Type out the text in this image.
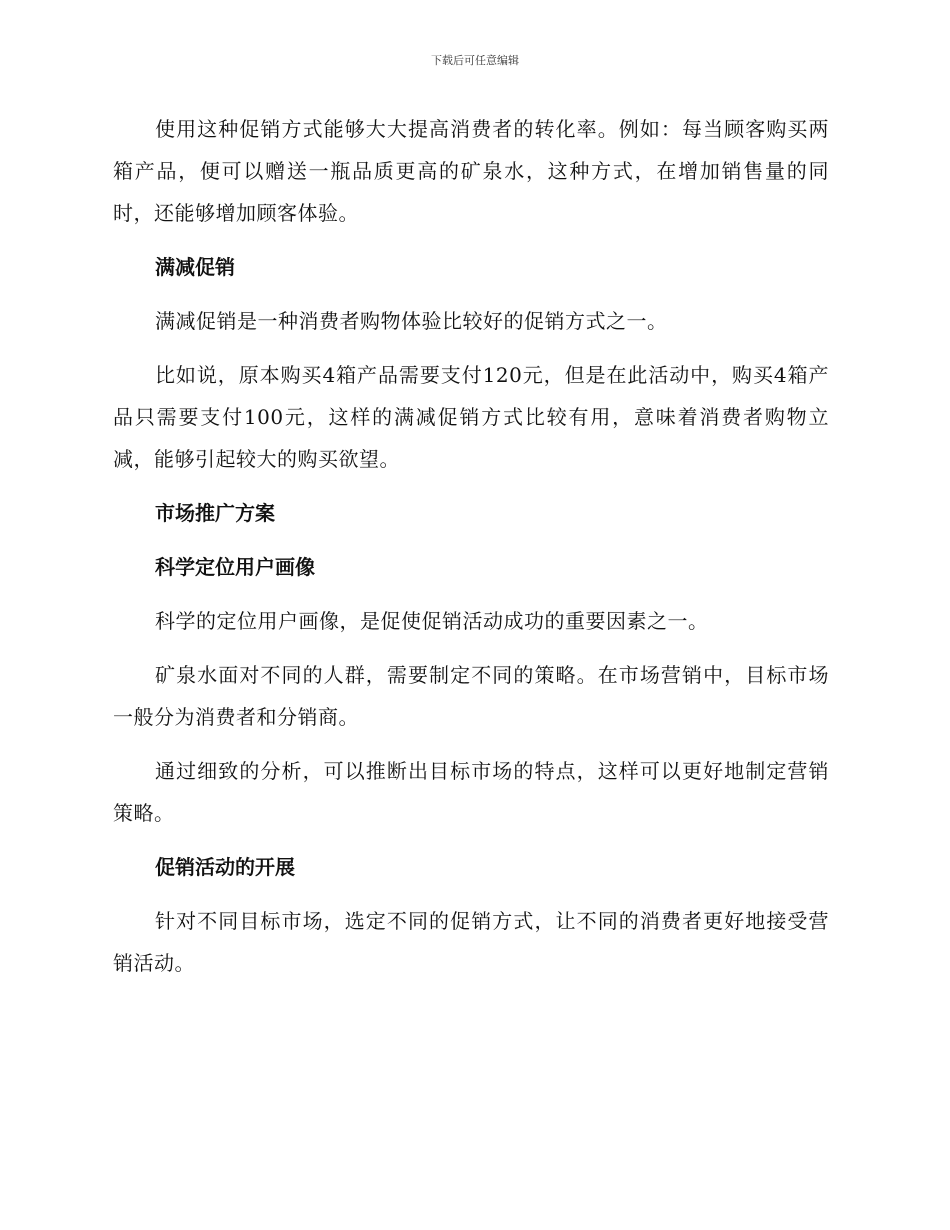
下载后可任意编辑

使用这种促销方式能够大大提高消费者的转化率。例如：每当顾客购买两箱产品，便可以赠送一瓶品质更高的矿泉水，这种方式，在增加销售量的同时，还能够增加顾客体验。

满减促销

满减促销是一种消费者购物体验比较好的促销方式之一。

比如说，原本购买4箱产品需要支付120元，但是在此活动中，购买4箱产品只需要支付100元，这样的满减促销方式比较有用，意味着消费者购物立减，能够引起较大的购买欲望。

市场推广方案
科学定位用户画像

科学的定位用户画像，是促使促销活动成功的重要因素之一。

矿泉水面对不同的人群，需要制定不同的策略。在市场营销中，目标市场一般分为消费者和分销商。

通过细致的分析，可以推断出目标市场的特点，这样可以更好地制定营销策略。

促销活动的开展

针对不同目标市场，选定不同的促销方式，让不同的消费者更好地接受营销活动。
